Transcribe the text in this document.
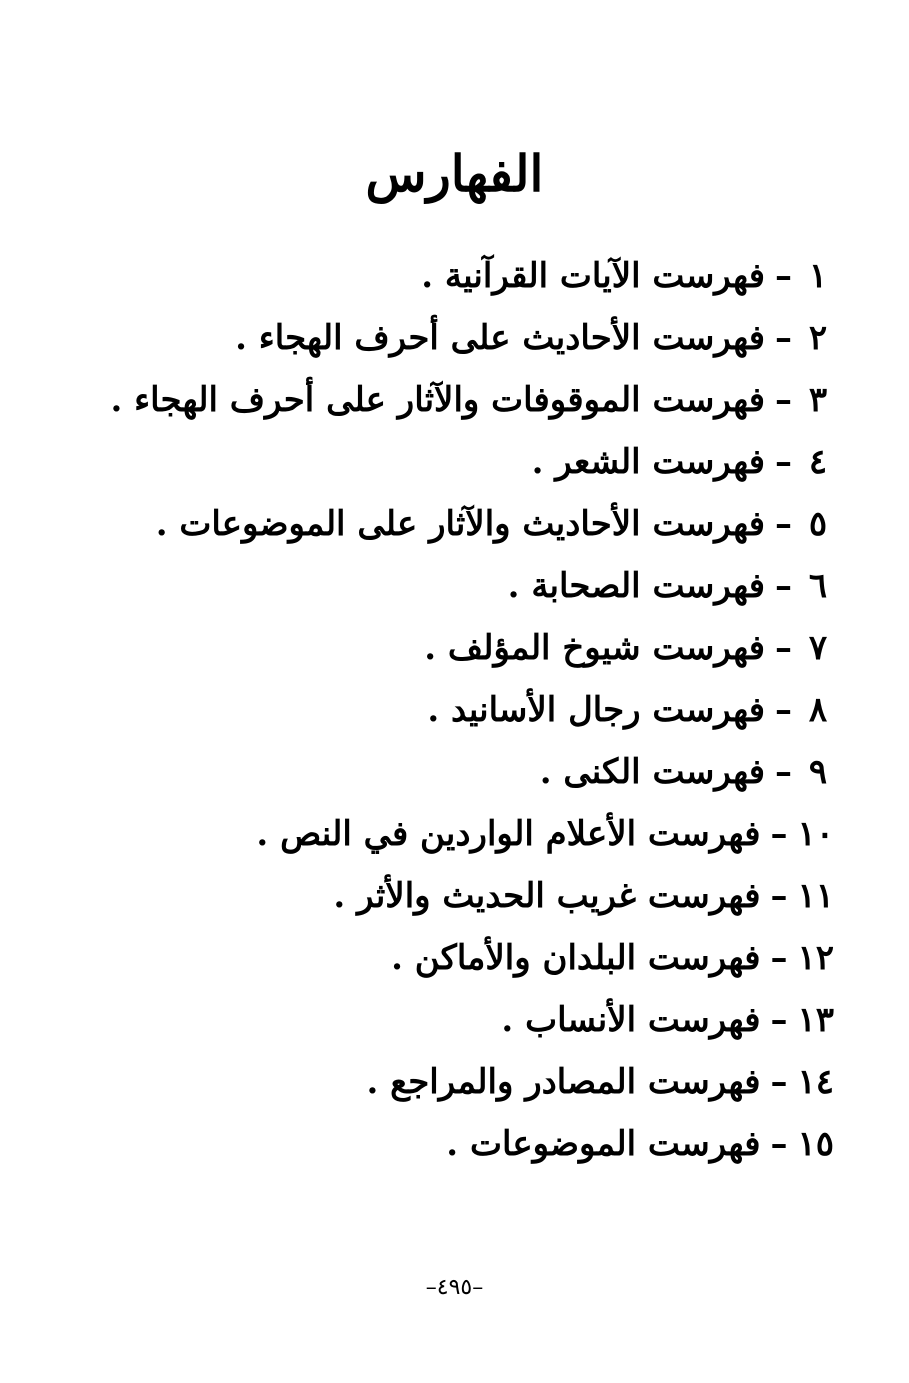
الفهارس
١–فهرست الآيات القرآنية .
٢–فهرست الأحاديث على أحرف الهجاء .
٣–فهرست الموقوفات والآثار على أحرف الهجاء .
٤–فهرست الشعر .
٥–فهرست الأحاديث والآثار على الموضوعات .
٦–فهرست الصحابة .
٧–فهرست شيوخ المؤلف .
٨–فهرست رجال الأسانيد .
٩–فهرست الكنى .
١٠–فهرست الأعلام الواردين في النص .
١١–فهرست غريب الحديث والأثر .
١٢–فهرست البلدان والأماكن .
١٣–فهرست الأنساب .
١٤–فهرست المصادر والمراجع .
١٥–فهرست الموضوعات .
–٤٩٥–
